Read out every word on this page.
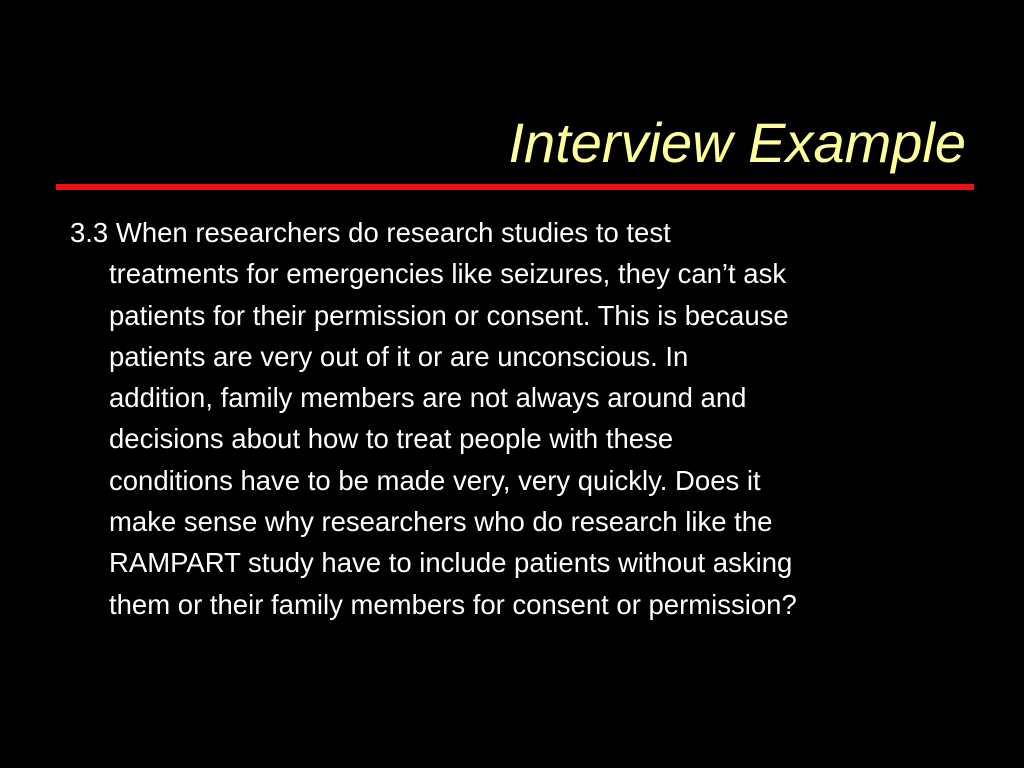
Interview Example

3.3 When researchers do research studies to test
treatments for emergencies like seizures, they can’t ask
patients for their permission or consent. This is because
patients are very out of it or are unconscious. In
addition, family members are not always around and
decisions about how to treat people with these
conditions have to be made very, very quickly. Does it
make sense why researchers who do research like the
RAMPART study have to include patients without asking
them or their family members for consent or permission?
